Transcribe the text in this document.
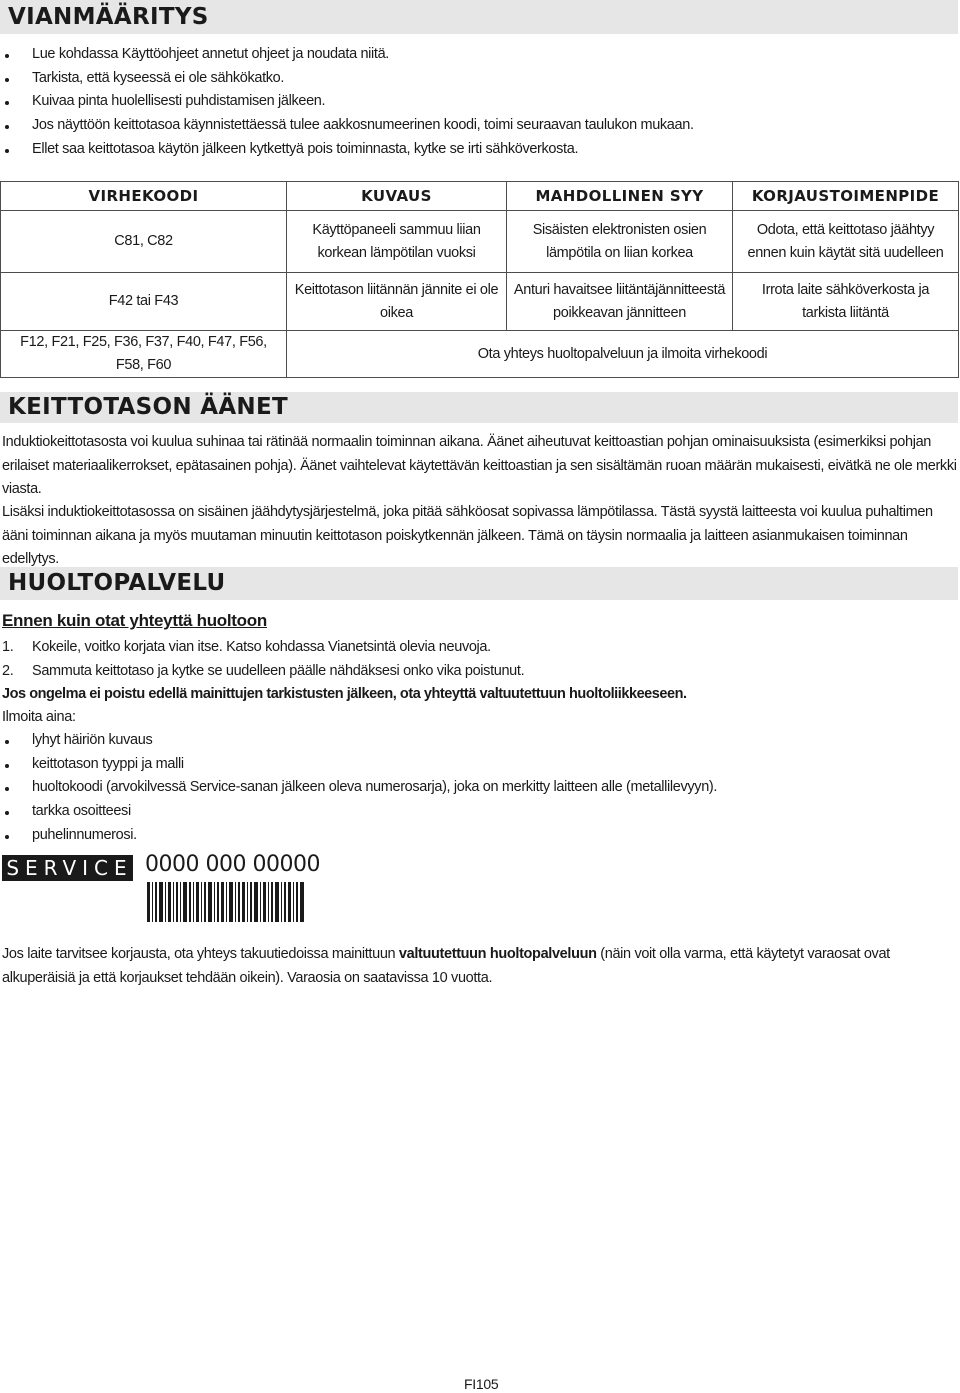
VIANMÄÄRITYS
Lue kohdassa Käyttöohjeet annetut ohjeet ja noudata niitä.
Tarkista, että kyseessä ei ole sähkökatko.
Kuivaa pinta huolellisesti puhdistamisen jälkeen.
Jos näyttöön keittotasoa käynnistettäessä tulee aakkosnumeerinen koodi, toimi seuraavan taulukon mukaan.
Ellet saa keittotasoa käytön jälkeen kytkettyä pois toiminnasta, kytke se irti sähköverkosta.
VIRHEKOODI	KUVAUS	MAHDOLLINEN SYY	KORJAUSTOIMENPIDE
C81, C82	Käyttöpaneeli sammuu liian korkean lämpötilan vuoksi	Sisäisten elektronisten osien lämpötila on liian korkea	Odota, että keittotaso jäähtyy ennen kuin käytät sitä uudelleen
F42 tai F43	Keittotason liitännän jännite ei ole oikea	Anturi havaitsee liitäntäjännitteestä poikkeavan jännitteen	Irrota laite sähköverkosta ja tarkista liitäntä
F12, F21, F25, F36, F37, F40, F47, F56, F58, F60	Ota yhteys huoltopalveluun ja ilmoita virhekoodi		
KEITTOTASON ÄÄNET

Induktiokeittotasosta voi kuulua suhinaa tai rätinää normaalin toiminnan aikana. Äänet aiheutuvat keittoastian pohjan ominaisuuksista (esimerkiksi pohjan erilaiset materiaalikerrokset, epätasainen pohja). Äänet vaihtelevat käytettävän keittoastian ja sen sisältämän ruoan määrän mukaisesti, eivätkä ne ole merkki viasta.

Lisäksi induktiokeittotasossa on sisäinen jäähdytysjärjestelmä, joka pitää sähköosat sopivassa lämpötilassa. Tästä syystä laitteesta voi kuulua puhaltimen ääni toiminnan aikana ja myös muutaman minuutin keittotason poiskytkennän jälkeen. Tämä on täysin normaalia ja laitteen asianmukaisen toiminnan edellytys.

HUOLTOPALVELU
Ennen kuin otat yhteyttä huoltoon
1. Kokeile, voitko korjata vian itse. Katso kohdassa Vianetsintä olevia neuvoja.
2. Sammuta keittotaso ja kytke se uudelleen päälle nähdäksesi onko vika poistunut.

Jos ongelma ei poistu edellä mainittujen tarkistusten jälkeen, ota yhteyttä valtuutettuun huoltoliikkeeseen.

Ilmoita aina:

lyhyt häiriön kuvaus
keittotason tyyppi ja malli
huoltokoodi (arvokilvessä Service-sanan jälkeen oleva numerosarja), joka on merkitty laitteen alle (metallilevyyn).
tarkka osoitteesi
puhelinnumerosi.
SERVICE 0000 000 00000

Jos laite tarvitsee korjausta, ota yhteys takuutiedoissa mainittuun valtuutettuun huoltopalveluun (näin voit olla varma, että käytetyt varaosat ovat alkuperäisiä ja että korjaukset tehdään oikein). Varaosia on saatavissa 10 vuotta.

FI105
